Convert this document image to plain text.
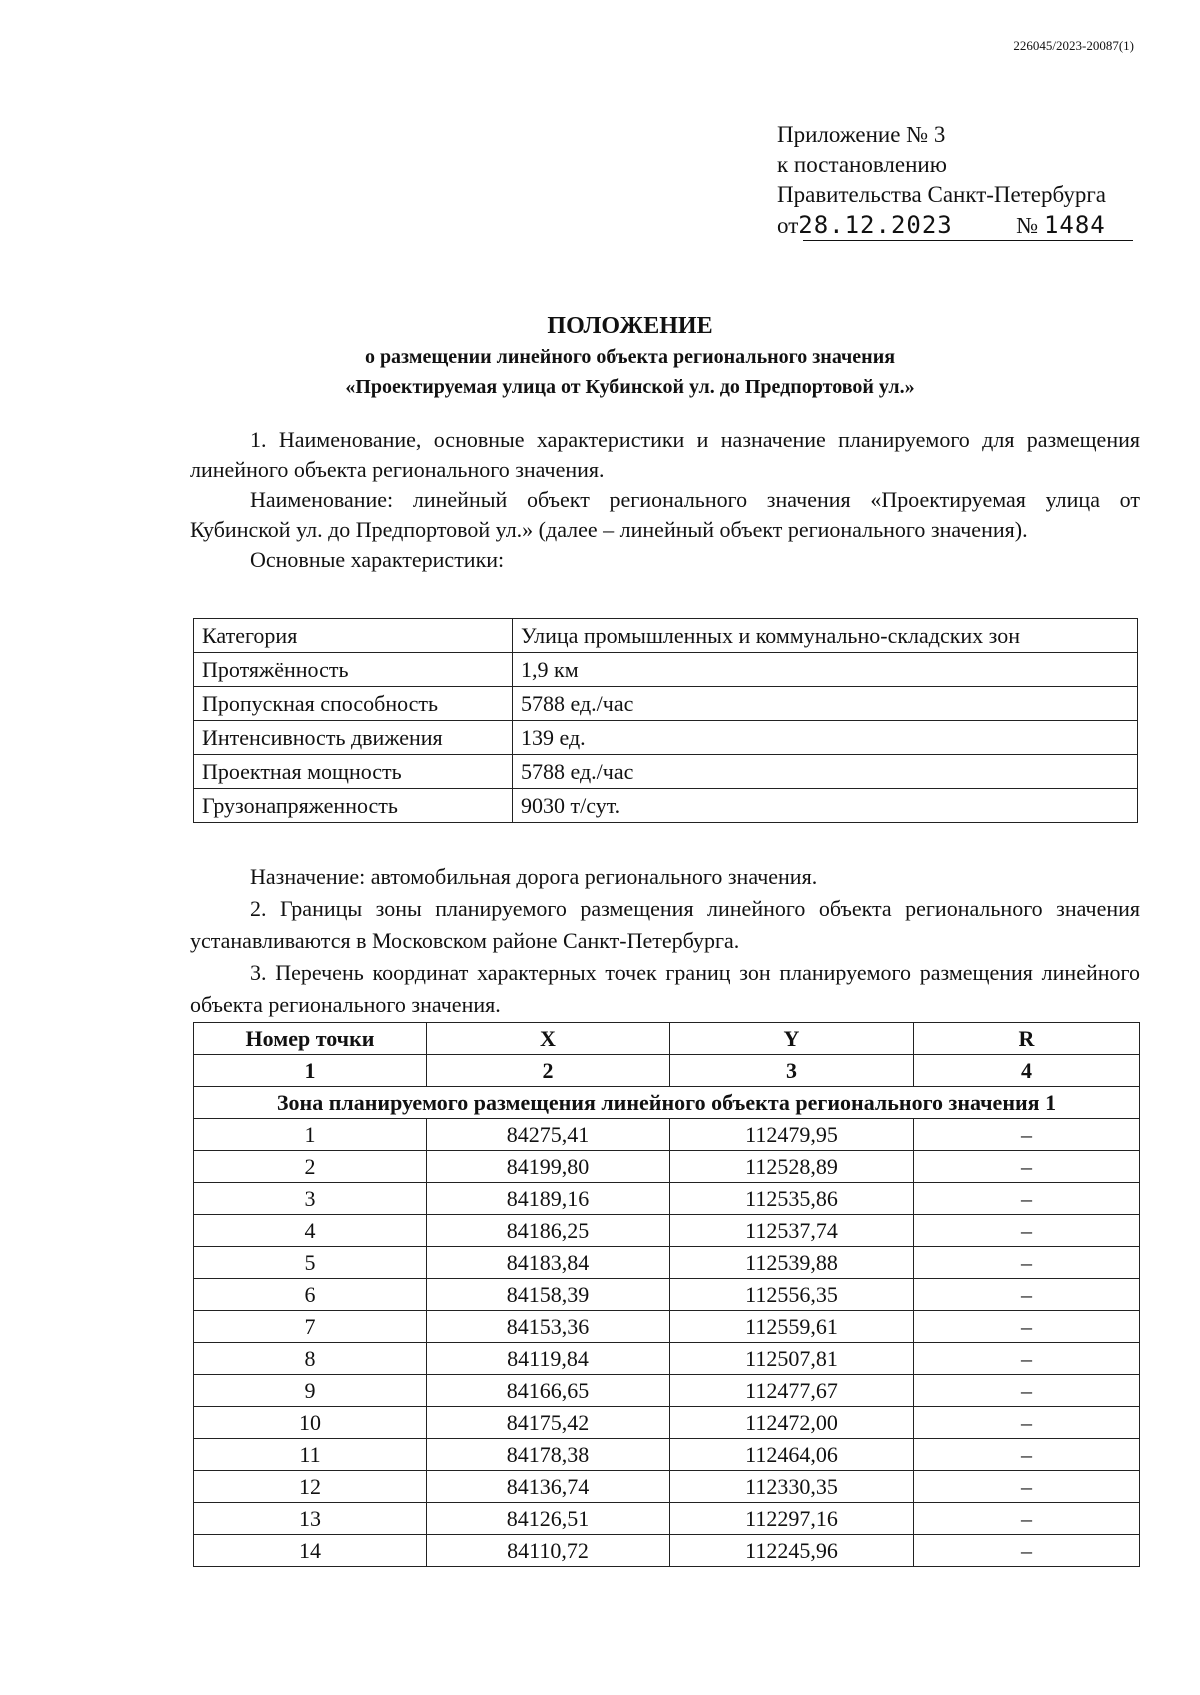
226045/2023-20087(1)
Приложение № 3
к постановлению
Правительства Санкт-Петербурга
от28.12.2023	№ 1484
ПОЛОЖЕНИЕ
о размещении линейного объекта регионального значения
«Проектируемая улица от Кубинской ул. до Предпортовой ул.»

1. Наименование, основные характеристики и назначение планируемого для размещения линейного объекта регионального значения.

Наименование: линейный объект регионального значения «Проектируемая улица от Кубинской ул. до Предпортовой ул.» (далее – линейный объект регионального значения).

Основные характеристики:

Категория	Улица промышленных и коммунально-складских зон
Протяжённость	1,9 км
Пропускная способность	5788 ед./час
Интенсивность движения	139 ед.
Проектная мощность	5788 ед./час
Грузонапряженность	9030 т/сут.

Назначение: автомобильная дорога регионального значения.

2. Границы зоны планируемого размещения линейного объекта регионального значения устанавливаются в Московском районе Санкт-Петербурга.

3. Перечень координат характерных точек границ зон планируемого размещения линейного объекта регионального значения.

Номер точки	X	Y	R
1	2	3	4
Зона планируемого размещения линейного объекта регионального значения 1			
1	84275,41	112479,95	–
2	84199,80	112528,89	–
3	84189,16	112535,86	–
4	84186,25	112537,74	–
5	84183,84	112539,88	–
6	84158,39	112556,35	–
7	84153,36	112559,61	–
8	84119,84	112507,81	–
9	84166,65	112477,67	–
10	84175,42	112472,00	–
11	84178,38	112464,06	–
12	84136,74	112330,35	–
13	84126,51	112297,16	–
14	84110,72	112245,96	–
